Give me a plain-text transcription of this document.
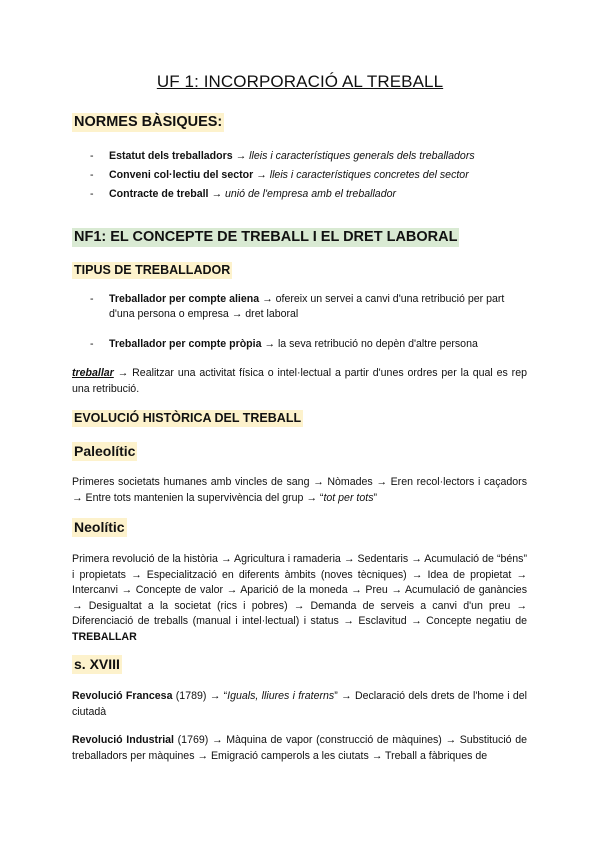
UF 1: INCORPORACIÓ AL TREBALL
NORMES BÀSIQUES:
- Estatut dels treballadors → lleis i característiques generals dels treballadors
- Conveni col·lectiu del sector → lleis i característiques concretes del sector
- Contracte de treball → unió de l'empresa amb el treballador
NF1: EL CONCEPTE DE TREBALL I EL DRET LABORAL
TIPUS DE TREBALLADOR
- Treballador per compte aliena → ofereix un servei a canvi d'una retribució per part d'una persona o empresa → dret laboral
- Treballador per compte pròpia → la seva retribució no depèn d'altre persona
treballar → Realitzar una activitat física o intel·lectual a partir d'unes ordres per la qual es rep una retribució.
EVOLUCIÓ HISTÒRICA DEL TREBALL
Paleolític
Primeres societats humanes amb vincles de sang → Nòmades → Eren recol·lectors i caçadors → Entre tots mantenien la supervivència del grup → “tot per tots”
Neolític
Primera revolució de la història → Agricultura i ramaderia → Sedentaris → Acumulació de “béns” i propietats → Especialització en diferents àmbits (noves tècniques) → Idea de propietat → Intercanvi → Concepte de valor → Aparició de la moneda → Preu → Acumulació de ganàncies → Desigualtat a la societat (rics i pobres) → Demanda de serveis a canvi d'un preu → Diferenciació de treballs (manual i intel·lectual) i status → Esclavitud → Concepte negatiu de TREBALLAR
s. XVIII
Revolució Francesa (1789) → “Iguals, lliures i fraterns” → Declaració dels drets de l'home i del ciutadà
Revolució Industrial (1769) → Màquina de vapor (construcció de màquines) → Substitució de treballadors per màquines → Emigració camperols a les ciutats → Treball a fàbriques de
